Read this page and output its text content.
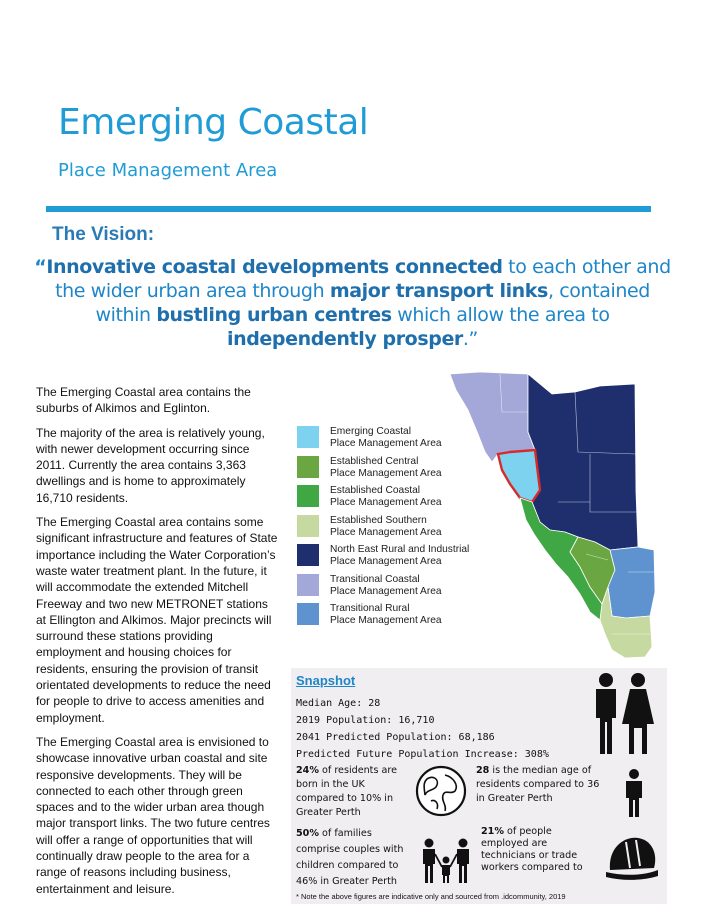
Emerging Coastal
Place Management Area
The Vision:
“Innovative coastal developments connected to each other and the wider urban area through major transport links, contained within bustling urban centres which allow the area to independently prosper.”

The Emerging Coastal area contains the suburbs of Alkimos and Eglinton.

The majority of the area is relatively young, with newer development occurring since 2011. Currently the area contains 3,363 dwellings and is home to approximately 16,710 residents.

The Emerging Coastal area contains some significant infrastructure and features of State importance including the Water Corporation’s waste water treatment plant. In the future, it will accommodate the extended Mitchell Freeway and two new METRONET stations at Ellington and Alkimos. Major precincts will surround these stations providing employment and housing choices for residents, ensuring the provision of transit orientated developments to reduce the need for people to drive to access amenities and employment.

The Emerging Coastal area is envisioned to showcase innovative urban coastal and site responsive developments. They will be connected to each other through green spaces and to the wider urban area though major transport links. The two future centres will offer a range of opportunities that will continually draw people to the area for a range of reasons including business, entertainment and leisure.

Emerging Coastal
Place Management Area
Established Central
Place Management Area
Established Coastal
Place Management Area
Established Southern
Place Management Area
North East Rural and Industrial
Place Management Area
Transitional Coastal
Place Management Area
Transitional Rural
Place Management Area
Snapshot
Median Age: 28
2019 Population: 16,710
2041 Predicted Population: 68,186
Predicted Future Population Increase: 308%
24% of residents are born in the UK compared to 10% in Greater Perth
28 is the median age of residents compared to 36 in Greater Perth
50% of families comprise couples with children compared to 46% in Greater Perth
21% of people employed are technicians or trade workers compared to
* Note the above figures are indicative only and sourced from .idcommunity, 2019
